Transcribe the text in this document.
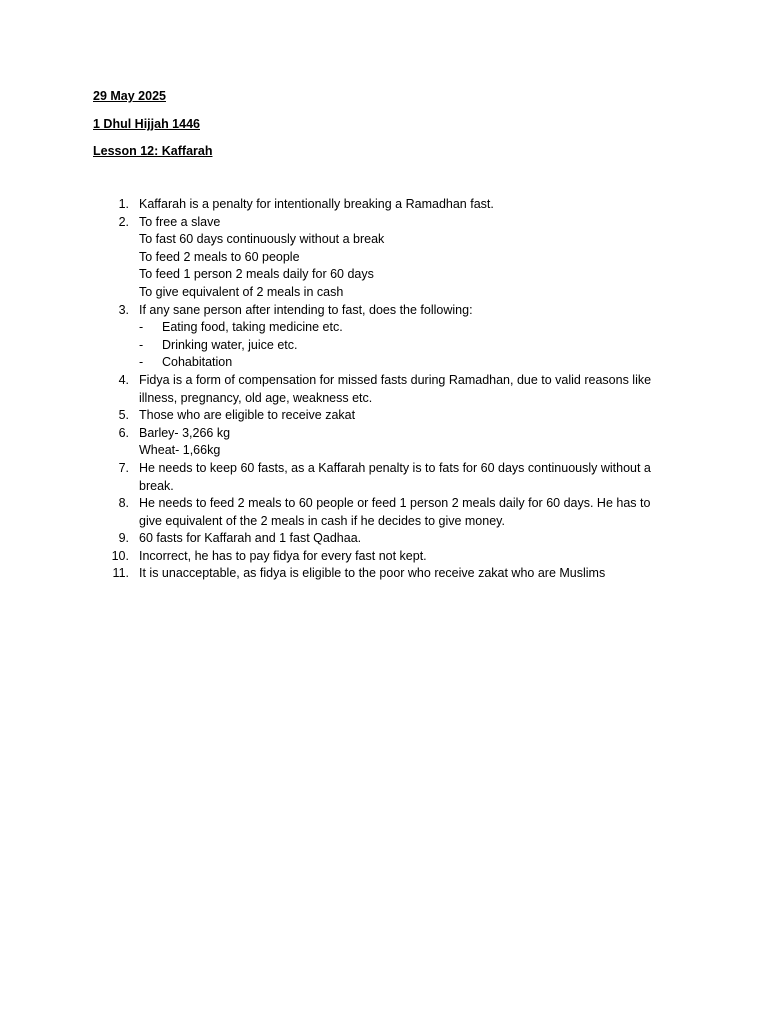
29 May 2025
1 Dhul Hijjah 1446
Lesson 12: Kaffarah
1. Kaffarah is a penalty for intentionally breaking a Ramadhan fast.
2. To free a slave
To fast 60 days continuously without a break
To feed 2 meals to 60 people
To feed 1 person 2 meals daily for 60 days
To give equivalent of 2 meals in cash
3. If any sane person after intending to fast, does the following:
- Eating food, taking medicine etc.
- Drinking water, juice etc.
- Cohabitation
4. Fidya is a form of compensation for missed fasts during Ramadhan, due to valid reasons like illness, pregnancy, old age, weakness etc.
5. Those who are eligible to receive zakat
6. Barley- 3,266 kg
Wheat- 1,66kg
7. He needs to keep 60 fasts, as a Kaffarah penalty is to fats for 60 days continuously without a break.
8. He needs to feed 2 meals to 60 people or feed 1 person 2 meals daily for 60 days. He has to give equivalent of the 2 meals in cash if he decides to give money.
9. 60 fasts for Kaffarah and 1 fast Qadhaa.
10. Incorrect, he has to pay fidya for every fast not kept.
11. It is unacceptable, as fidya is eligible to the poor who receive zakat who are Muslims
